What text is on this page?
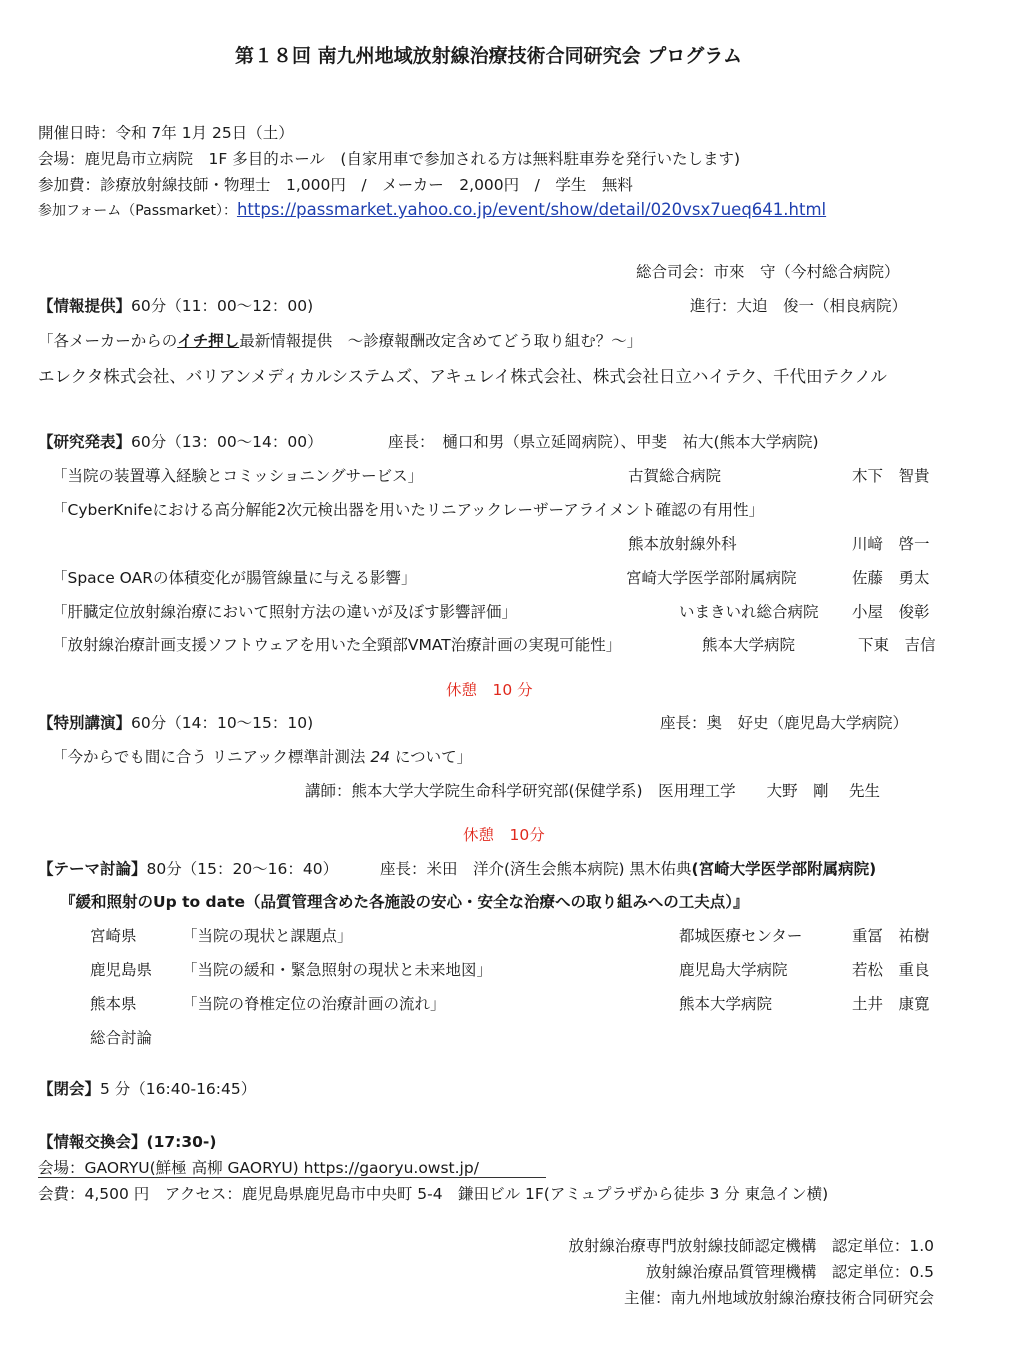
第１８回 南九州地域放射線治療技術合同研究会 プログラム
開催日時：令和 7年 1月 25日（土）
会場：鹿児島市立病院　1F 多目的ホール　(自家用車で参加される方は無料駐車券を発行いたします)
参加費：診療放射線技師・物理士　1,000円　/　メーカー　2,000円　/　学生　無料
参加フォーム（Passmarket）：https://passmarket.yahoo.co.jp/event/show/detail/020vsx7ueq641.html
総合司会：市來　守（今村総合病院）
【情報提供】60分（11：00～12：00)	進行：大迫　俊一（相良病院）
「各メーカーからのイチ押し最新情報提供　～診療報酬改定含めてどう取り組む？～」
エレクタ株式会社、バリアンメディカルシステムズ、アキュレイ株式会社、株式会社日立ハイテク、千代田テクノル
【研究発表】60分（13：00～14：00）	座長：　樋口和男（県立延岡病院）、甲斐　祐大(熊本大学病院)
「当院の装置導入経験とコミッショニングサービス」	古賀総合病院	木下　智貴
「CyberKnifeにおける高分解能2次元検出器を用いたリニアックレーザーアライメント確認の有用性」
熊本放射線外科	川﨑　啓一
「Space OARの体積変化が腸管線量に与える影響」	宮崎大学医学部附属病院	佐藤　勇太
「肝臓定位放射線治療において照射方法の違いが及ぼす影響評価」	いまきいれ総合病院 小屋　俊彰
「放射線治療計画支援ソフトウェアを用いた全頸部VMAT治療計画の実現可能性」	熊本大学病院	下東　吉信
休憩　10 分
【特別講演】60分（14：10～15：10)	座長：奥　好史（鹿児島大学病院）
「今からでも間に合う リニアック標準計測法 24 について」
講師：熊本大学大学院生命科学研究部(保健学系)　医用理工学　　大野　剛　 先生
休憩　10分
【テーマ討論】80分（15：20～16：40）	座長：米田　洋介(済生会熊本病院) 黒木佑典(宮崎大学医学部附属病院)
『緩和照射のUp to date（品質管理含めた各施設の安心・安全な治療への取り組みへの工夫点）』
宮崎県	「当院の現状と課題点」	都城医療センター	重冨　祐樹
鹿児島県 「当院の緩和・緊急照射の現状と未来地図」	鹿児島大学病院	若松　重良
熊本県	「当院の脊椎定位の治療計画の流れ」	熊本大学病院	土井　康寛
総合討論
【閉会】5 分（16:40-16:45）
【情報交換会】(17:30-)
会場：GAORYU(鮮極 高柳 GAORYU) https://gaoryu.owst.jp/
会費：4,500 円　アクセス：鹿児島県鹿児島市中央町 5-4　鎌田ビル 1F(アミュプラザから徒歩 3 分 東急イン横)
放射線治療専門放射線技師認定機構　認定単位：1.0
放射線治療品質管理機構　認定単位：0.5
主催：南九州地域放射線治療技術合同研究会
